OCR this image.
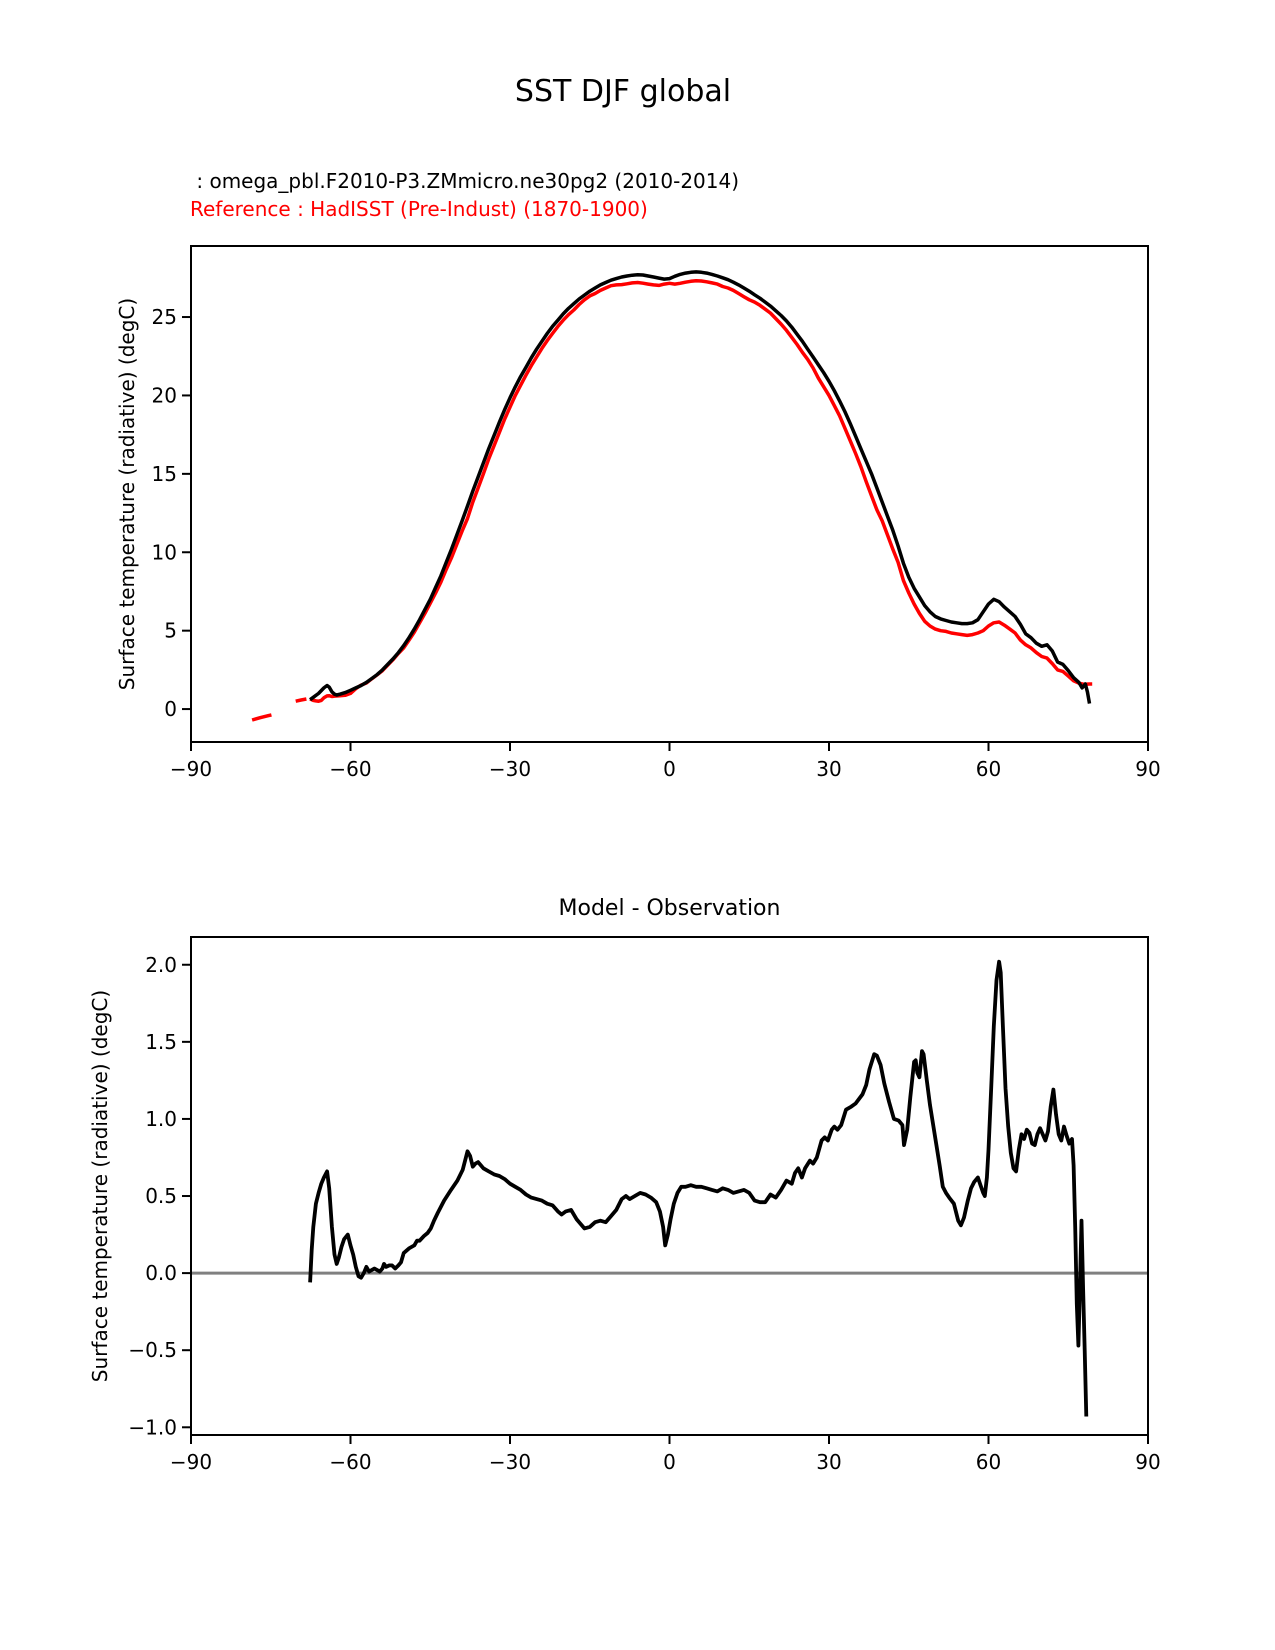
SST DJF global
: omega_pbl.F2010-P3.ZMmicro.ne30pg2 (2010-2014)
Reference : HadISST (Pre-Indust) (1870-1900)
Surface temperature (radiative) (degC)
Surface temperature (radiative) (degC)
Model - Observation
−90	−60	−30	0	30	60	90
0
5
10
15
20
25
−90	−60	−30	0	30	60	90
−1.0
−0.5
0.0
0.5
1.0
1.5
2.0
